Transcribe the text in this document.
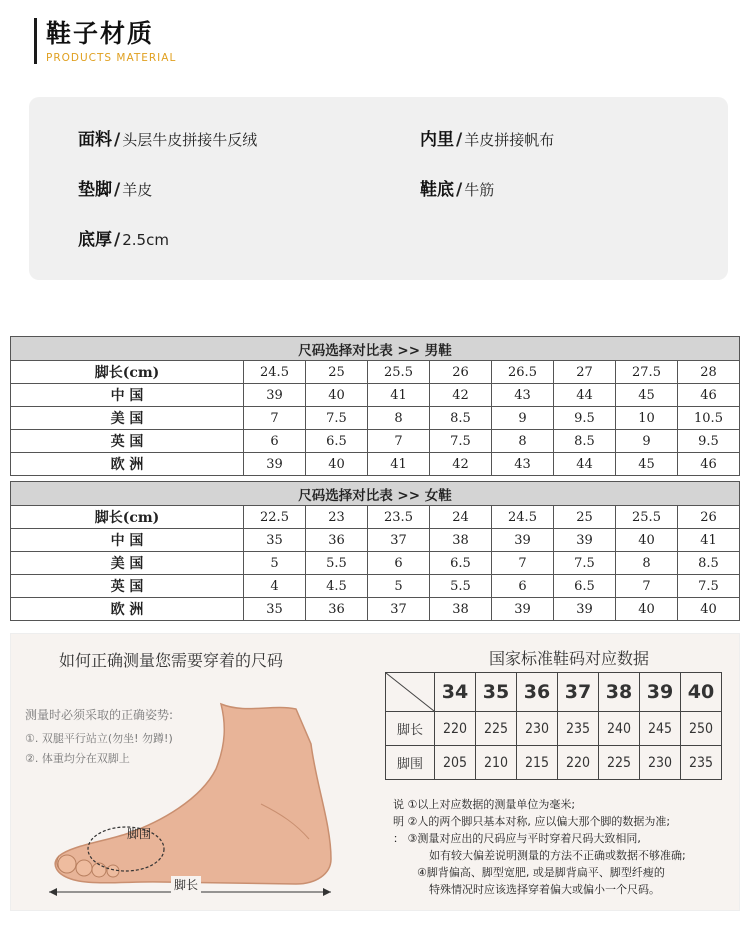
鞋子材质
PRODUCTS MATERIAL
面料 / 头层牛皮拼接牛反绒	内里 / 羊皮拼接帆布
垫脚 / 羊皮	鞋底 / 牛筋
底厚 / 2.5cm
尺码选择对比表 >> 男鞋								
脚长(cm)	24.5	25	25.5	26	26.5	27	27.5	28
中 国	39	40	41	42	43	44	45	46
美 国	7	7.5	8	8.5	9	9.5	10	10.5
英 国	6	6.5	7	7.5	8	8.5	9	9.5
欧 洲	39	40	41	42	43	44	45	46
尺码选择对比表 >> 女鞋								
脚长(cm)	22.5	23	23.5	24	24.5	25	25.5	26
中 国	35	36	37	38	39	39	40	41
美 国	5	5.5	6	6.5	7	7.5	8	8.5
英 国	4	4.5	5	5.5	6	6.5	7	7.5
欧 洲	35	36	37	38	39	39	40	40
如何正确测量您需要穿着的尺码	国家标准鞋码对应数据
测量时必须采取的正确姿势:
①. 双腿平行站立(勿坐! 勿蹲!)
②. 体重均分在双脚上
脚围
脚长
	34	35	36	37	38	39	40
脚长	220	225	230	235	240	245	250
脚围	205	210	215	220	225	230	235
说 ①以上对应数据的测量单位为毫米;
明 ②人的两个脚只基本对称, 应以偏大那个脚的数据为准;
： ③测量对应出的尺码应与平时穿着尺码大致相同,
如有较大偏差说明测量的方法不正确或数据不够准确;
④脚背偏高、脚型宽肥, 或是脚背扁平、脚型纤瘦的
特殊情况时应该选择穿着偏大或偏小一个尺码。
